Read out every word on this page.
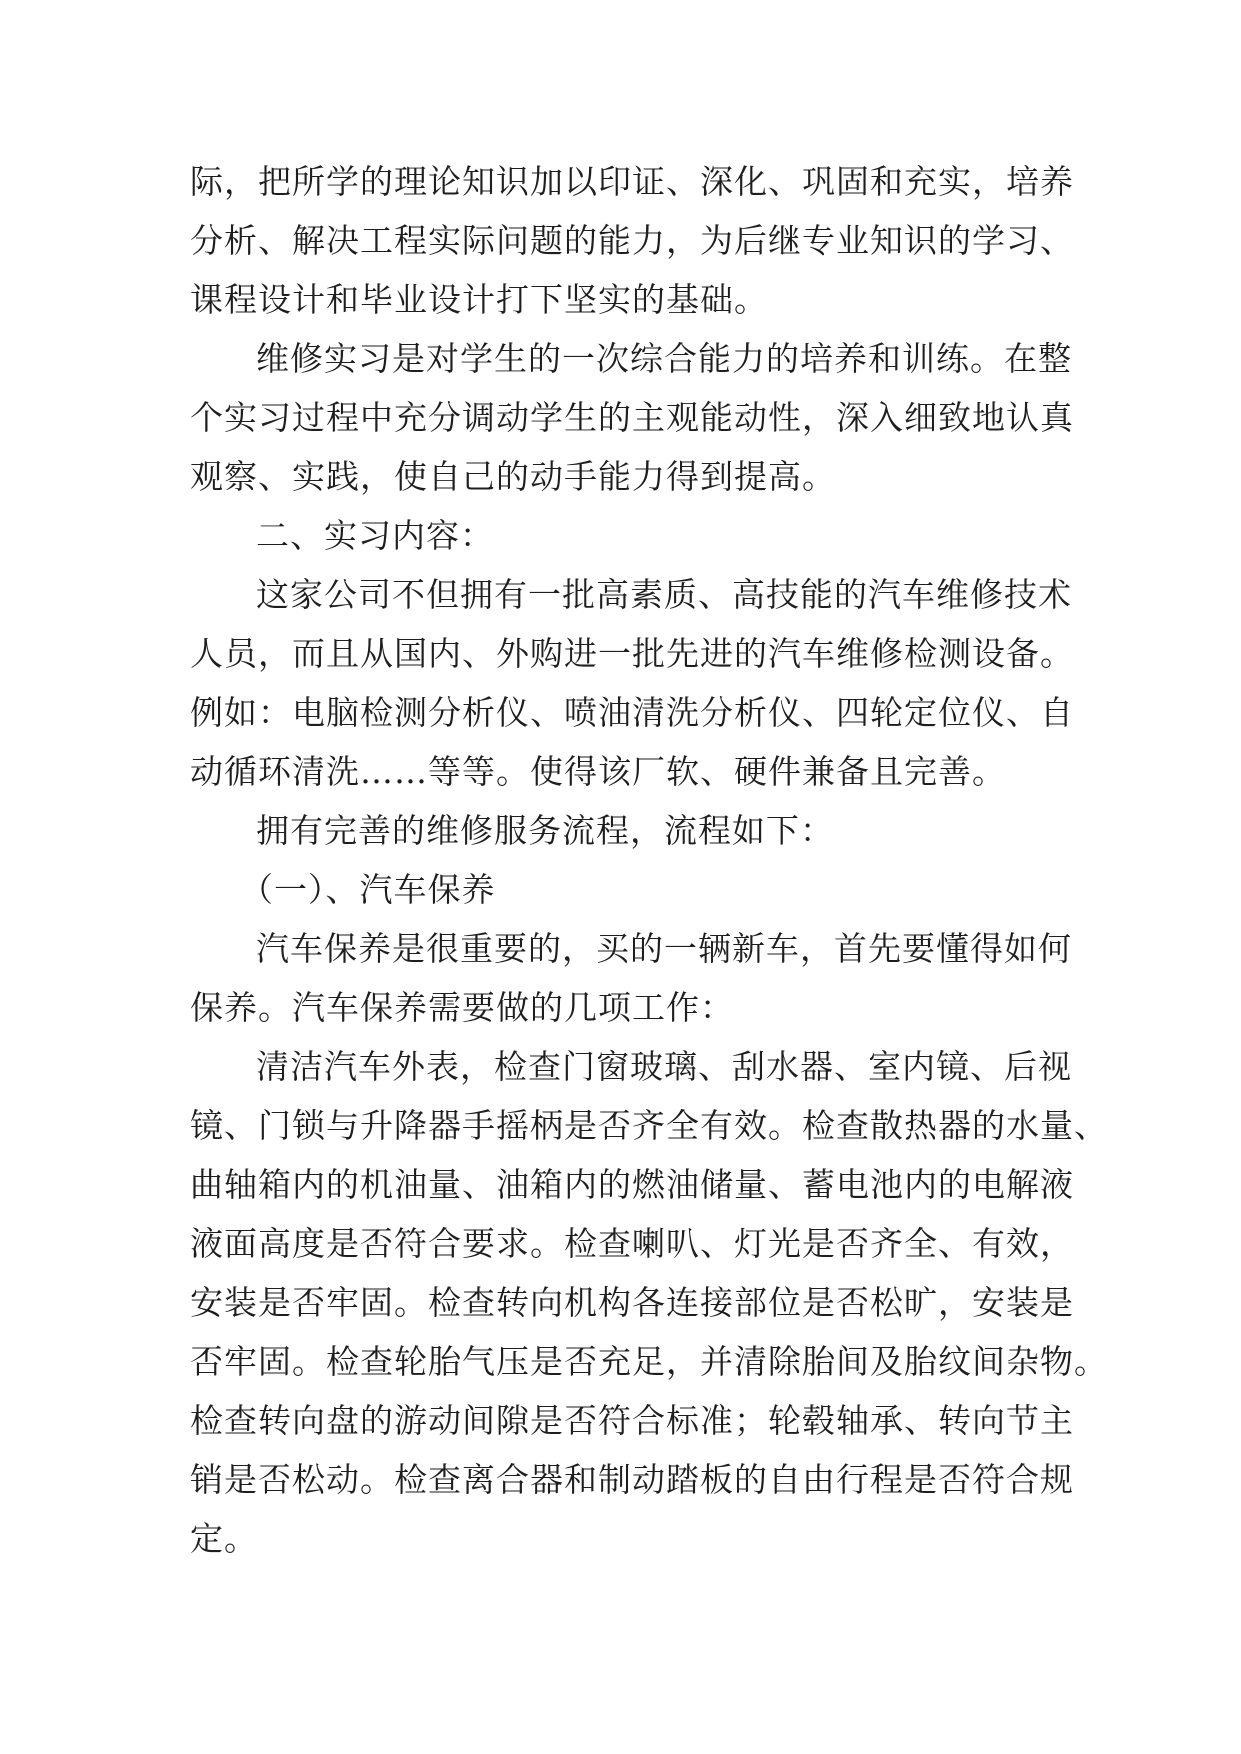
际，把所学的理论知识加以印证、深化、巩固和充实，培养
分析、解决工程实际问题的能力，为后继专业知识的学习、
课程设计和毕业设计打下坚实的基础。
维修实习是对学生的一次综合能力的培养和训练。在整
个实习过程中充分调动学生的主观能动性，深入细致地认真
观察、实践，使自己的动手能力得到提高。
二、实习内容：
这家公司不但拥有一批高素质、高技能的汽车维修技术
人员，而且从国内、外购进一批先进的汽车维修检测设备。
例如：电脑检测分析仪、喷油清洗分析仪、四轮定位仪、自
动循环清洗……等等。使得该厂软、硬件兼备且完善。
拥有完善的维修服务流程，流程如下：
（一）、汽车保养
汽车保养是很重要的，买的一辆新车，首先要懂得如何
保养。汽车保养需要做的几项工作：
清洁汽车外表，检查门窗玻璃、刮水器、室内镜、后视
镜、门锁与升降器手摇柄是否齐全有效。检查散热器的水量、
曲轴箱内的机油量、油箱内的燃油储量、蓄电池内的电解液
液面高度是否符合要求。检查喇叭、灯光是否齐全、有效，
安装是否牢固。检查转向机构各连接部位是否松旷，安装是
否牢固。检查轮胎气压是否充足，并清除胎间及胎纹间杂物。
检查转向盘的游动间隙是否符合标准；轮毂轴承、转向节主
销是否松动。检查离合器和制动踏板的自由行程是否符合规
定。
